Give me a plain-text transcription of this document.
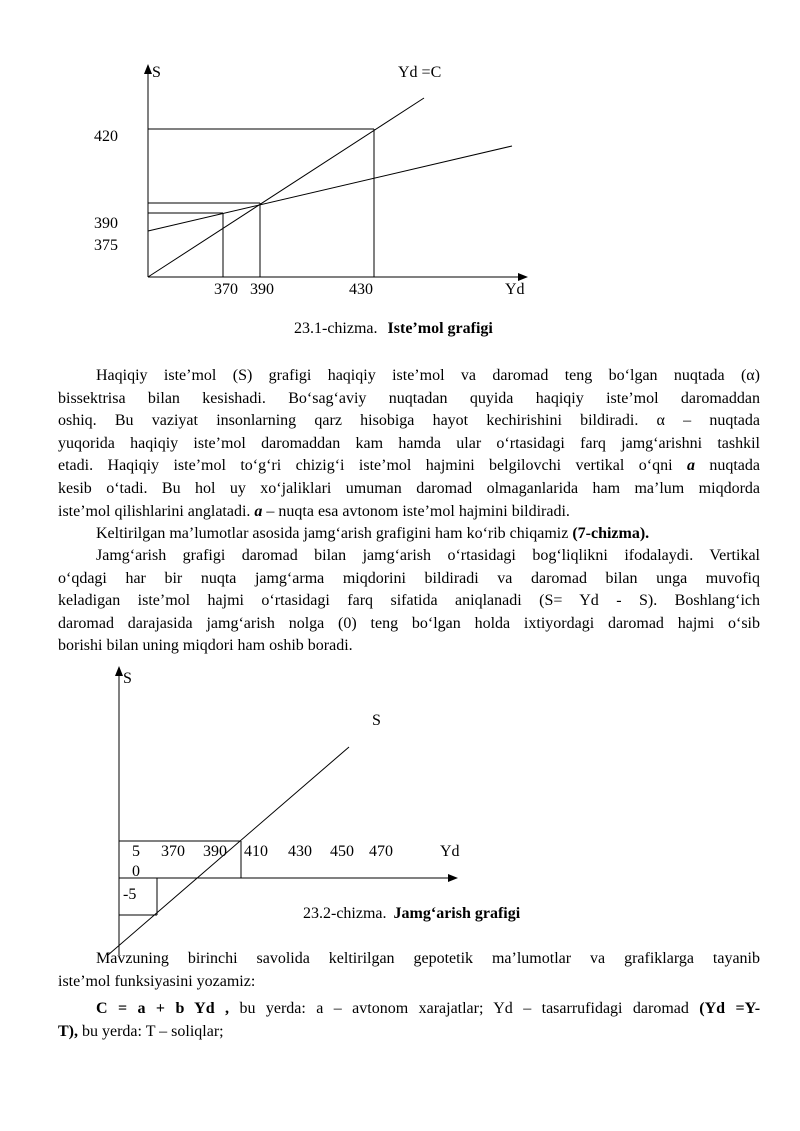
S	Yd =C
420
390
375
370 390	430	Yd
23.1-chizma. Iste’mol grafigi
Haqiqiy iste’mol (S) grafigi haqiqiy iste’mol va daromad teng bo‘lgan nuqtada (α)
bissektrisa bilan kesishadi. Bo‘sag‘aviy nuqtadan quyida haqiqiy iste’mol daromaddan
oshiq. Bu vaziyat insonlarning qarz hisobiga hayot kechirishini bildiradi. α – nuqtada
yuqorida haqiqiy iste’mol daromaddan kam hamda ular o‘rtasidagi farq jamg‘arishni tashkil
etadi. Haqiqiy iste’mol to‘g‘ri chizig‘i iste’mol hajmini belgilovchi vertikal o‘qni a nuqtada
kesib o‘tadi. Bu hol uy xo‘jaliklari umuman daromad olmaganlarida ham ma’lum miqdorda
iste’mol qilishlarini anglatadi. a – nuqta esa avtonom iste’mol hajmini bildiradi.
Keltirilgan ma’lumotlar asosida jamg‘arish grafigini ham ko‘rib chiqamiz (7-chizma).
Jamg‘arish grafigi daromad bilan jamg‘arish o‘rtasidagi bog‘liqlikni ifodalaydi. Vertikal
o‘qdagi har bir nuqta jamg‘arma miqdorini bildiradi va daromad bilan unga muvofiq
keladigan iste’mol hajmi o‘rtasidagi farq sifatida aniqlanadi (S= Yd - S). Boshlang‘ich
daromad darajasida jamg‘arish nolga (0) teng bo‘lgan holda ixtiyordagi daromad hajmi o‘sib
borishi bilan uning miqdori ham oshib boradi.
S
S
5 370 390 410 430 450 470	Yd
0
-5
23.2-chizma. Jamg‘arish grafigi
Mavzuning birinchi savolida keltirilgan gepotetik ma’lumotlar va grafiklarga tayanib
iste’mol funksiyasini yozamiz:
C = a + b Yd , bu yerda: a – avtonom xarajatlar; Yd – tasarrufidagi daromad (Yd =Y-
T), bu yerda: T – soliqlar;
